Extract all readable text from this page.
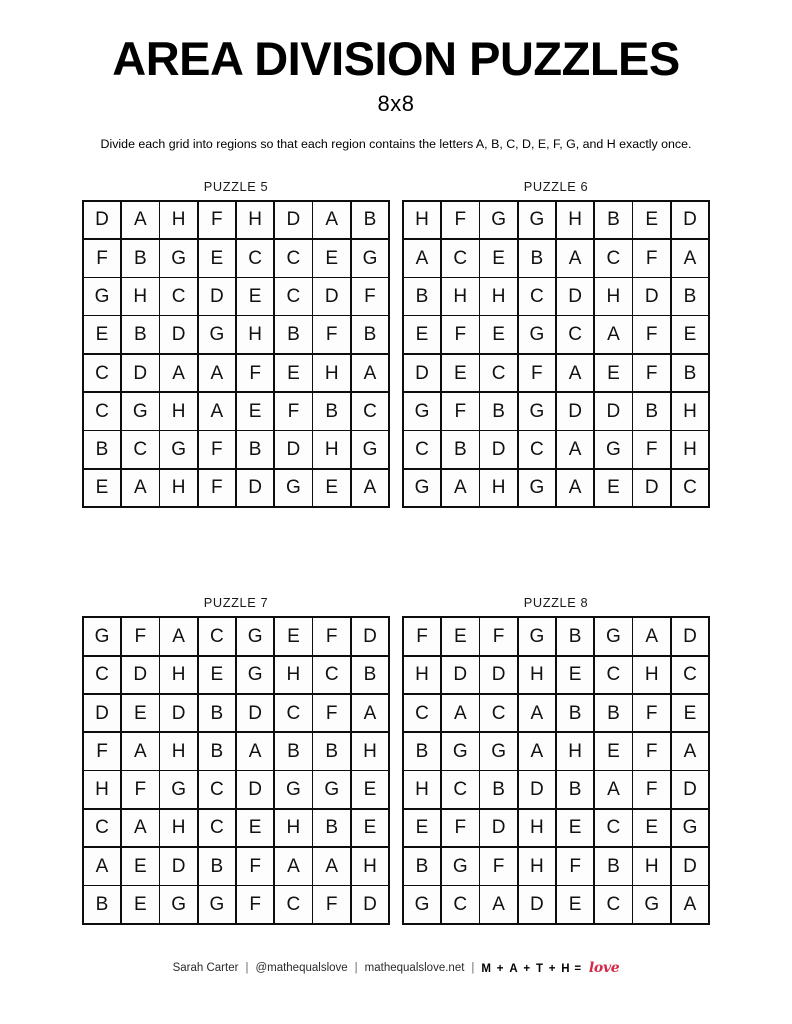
AREA DIVISION PUZZLES
8x8

Divide each grid into regions so that each region contains the letters A, B, C, D, E, F, G, and H exactly once.

PUZZLE 5
D	A	H	F	H	D	A	B
F	B	G	E	C	C	E	G
G	H	C	D	E	C	D	F
E	B	D	G	H	B	F	B
C	D	A	A	F	E	H	A
C	G	H	A	E	F	B	C
B	C	G	F	B	D	H	G
E	A	H	F	D	G	E	A
PUZZLE 6
H	F	G	G	H	B	E	D
A	C	E	B	A	C	F	A
B	H	H	C	D	H	D	B
E	F	E	G	C	A	F	E
D	E	C	F	A	E	F	B
G	F	B	G	D	D	B	H
C	B	D	C	A	G	F	H
G	A	H	G	A	E	D	C
PUZZLE 7
G	F	A	C	G	E	F	D
C	D	H	E	G	H	C	B
D	E	D	B	D	C	F	A
F	A	H	B	A	B	B	H
H	F	G	C	D	G	G	E
C	A	H	C	E	H	B	E
A	E	D	B	F	A	A	H
B	E	G	G	F	C	F	D
PUZZLE 8
F	E	F	G	B	G	A	D
H	D	D	H	E	C	H	C
C	A	C	A	B	B	F	E
B	G	G	A	H	E	F	A
H	C	B	D	B	A	F	D
E	F	D	H	E	C	E	G
B	G	F	H	F	B	H	D
G	C	A	D	E	C	G	A
Sarah Carter | @mathequalslove | mathequalslove.net | M + A + T + H = love
